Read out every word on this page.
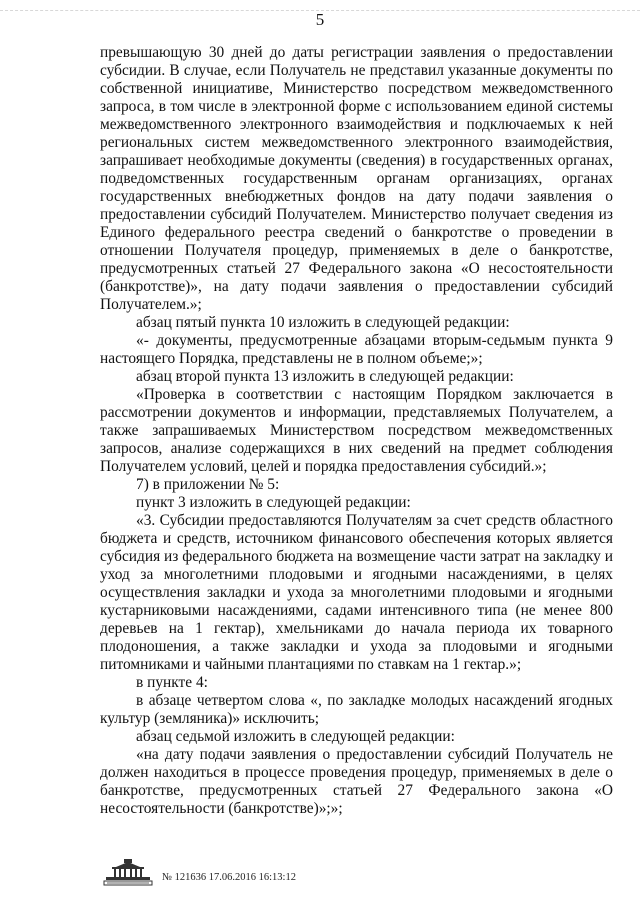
5

превышающую 30 дней до даты регистрации заявления о предоставлении субсидии. В случае, если Получатель не представил указанные документы по собственной инициативе, Министерство посредством межведомственного запроса, в том числе в электронной форме с использованием единой системы межведомственного электронного взаимодействия и подключаемых к ней региональных систем межведомственного электронного взаимодействия, запрашивает необходимые документы (сведения) в государственных органах, подведомственных государственным органам организациях, органах государственных внебюджетных фондов на дату подачи заявления о предоставлении субсидий Получателем. Министерство получает сведения из Единого федерального реестра сведений о банкротстве о проведении в отношении Получателя процедур, применяемых в деле о банкротстве, предусмотренных статьей 27 Федерального закона «О несостоятельности (банкротстве)», на дату подачи заявления о предоставлении субсидий Получателем.»;

абзац пятый пункта 10 изложить в следующей редакции:

«- документы, предусмотренные абзацами вторым-седьмым пункта 9 настоящего Порядка, представлены не в полном объеме;»;

абзац второй пункта 13 изложить в следующей редакции:

«Проверка в соответствии с настоящим Порядком заключается в рассмотрении документов и информации, представляемых Получателем, а также запрашиваемых Министерством посредством межведомственных запросов, анализе содержащихся в них сведений на предмет соблюдения Получателем условий, целей и порядка предоставления субсидий.»;

7) в приложении № 5:

пункт 3 изложить в следующей редакции:

«3. Субсидии предоставляются Получателям за счет средств областного бюджета и средств, источником финансового обеспечения которых является субсидия из федерального бюджета на возмещение части затрат на закладку и уход за многолетними плодовыми и ягодными насаждениями, в целях осуществления закладки и ухода за многолетними плодовыми и ягодными кустарниковыми насаждениями, садами интенсивного типа (не менее 800 деревьев на 1 гектар), хмельниками до начала периода их товарного плодоношения, а также закладки и ухода за плодовыми и ягодными питомниками и чайными плантациями по ставкам на 1 гектар.»;

в пункте 4:

в абзаце четвертом слова «, по закладке молодых насаждений ягодных культур (земляника)» исключить;

абзац седьмой изложить в следующей редакции:

«на дату подачи заявления о предоставлении субсидий Получатель не должен находиться в процессе проведения процедур, применяемых в деле о банкротстве, предусмотренных статьей 27 Федерального закона «О несостоятельности (банкротстве)»;»;

№ 121636 17.06.2016 16:13:12
